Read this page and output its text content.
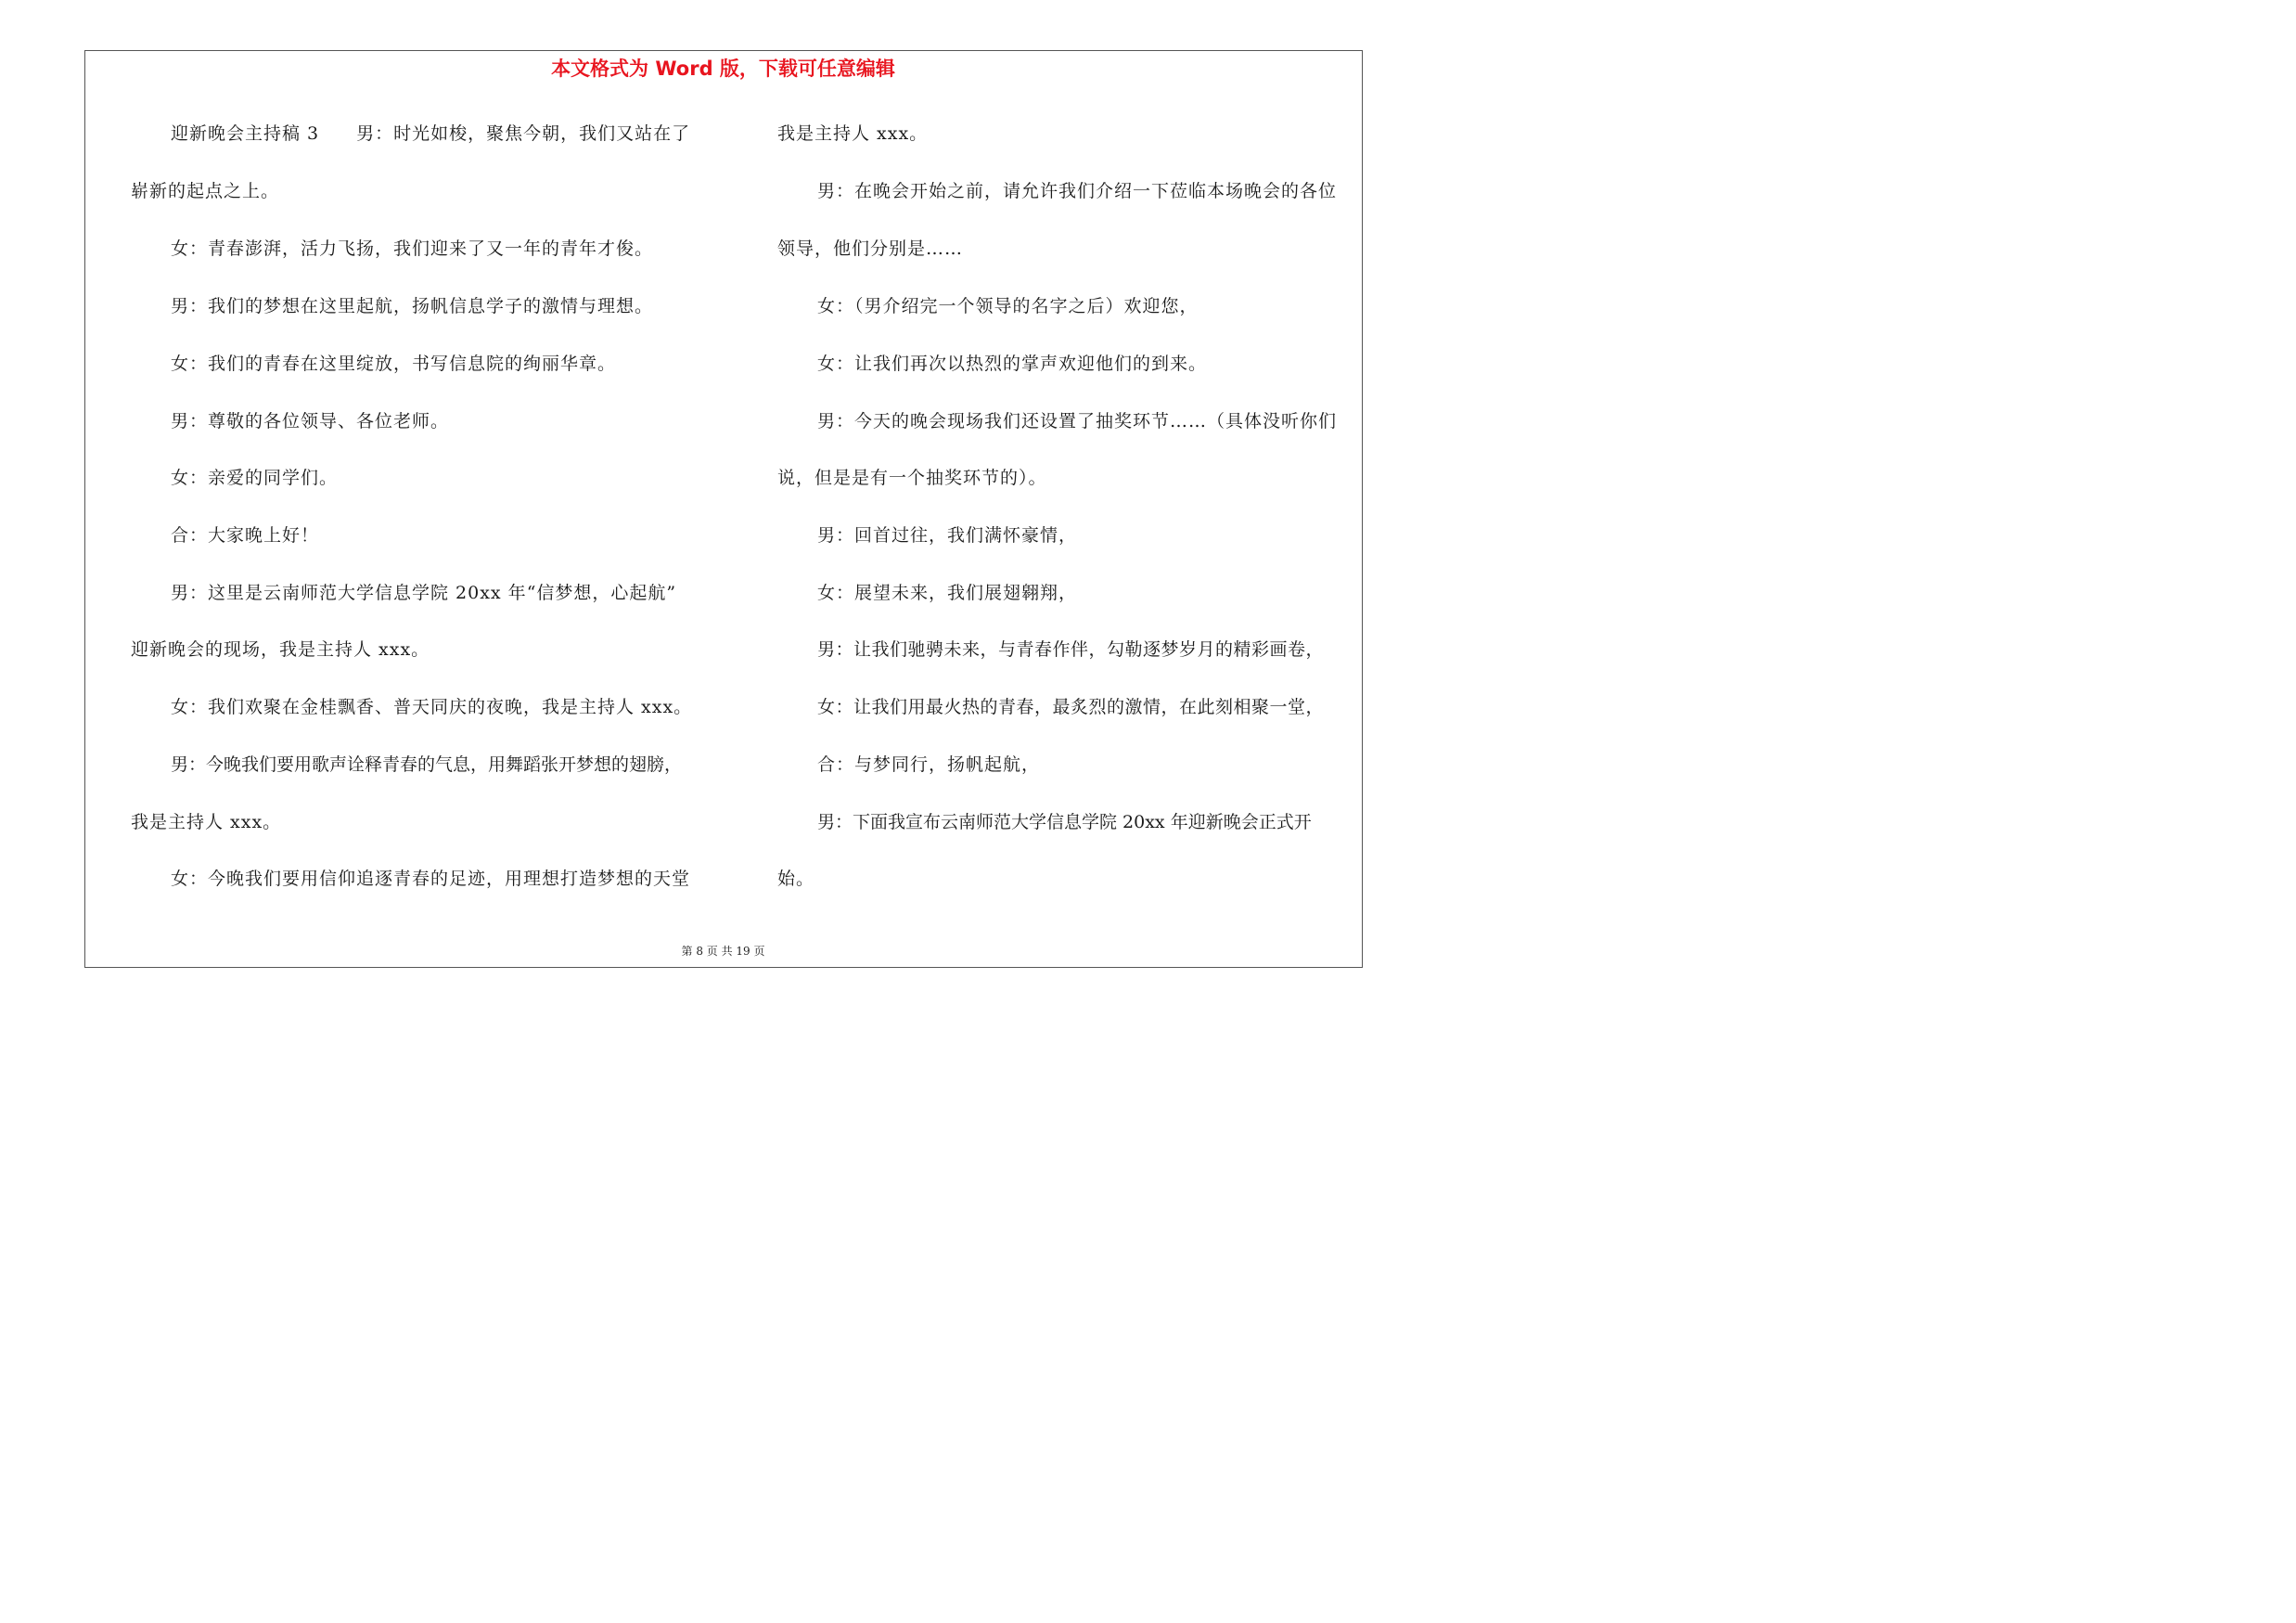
本文格式为 Word 版，下载可任意编辑
迎新晚会主持稿 3　　男：时光如梭，聚焦今朝，我们又站在了
崭新的起点之上。
女：青春澎湃，活力飞扬，我们迎来了又一年的青年才俊。
男：我们的梦想在这里起航，扬帆信息学子的激情与理想。
女：我们的青春在这里绽放，书写信息院的绚丽华章。
男：尊敬的各位领导、各位老师。
女：亲爱的同学们。
合：大家晚上好！
男：这里是云南师范大学信息学院 20xx 年“信梦想，心起航”
迎新晚会的现场，我是主持人 xxx。
女：我们欢聚在金桂飘香、普天同庆的夜晚，我是主持人 xxx。
男：今晚我们要用歌声诠释青春的气息，用舞蹈张开梦想的翅膀，
我是主持人 xxx。
女：今晚我们要用信仰追逐青春的足迹，用理想打造梦想的天堂
我是主持人 xxx。
男：在晚会开始之前，请允许我们介绍一下莅临本场晚会的各位
领导，他们分别是……
女：（男介绍完一个领导的名字之后）欢迎您，
女：让我们再次以热烈的掌声欢迎他们的到来。
男：今天的晚会现场我们还设置了抽奖环节……（具体没听你们
说，但是是有一个抽奖环节的）。
男：回首过往，我们满怀豪情，
女：展望未来，我们展翅翱翔，
男：让我们驰骋未来，与青春作伴，勾勒逐梦岁月的精彩画卷，
女：让我们用最火热的青春，最炙烈的激情，在此刻相聚一堂，
合：与梦同行，扬帆起航，
男：下面我宣布云南师范大学信息学院 20xx 年迎新晚会正式开
始。
第 8 页 共 19 页
